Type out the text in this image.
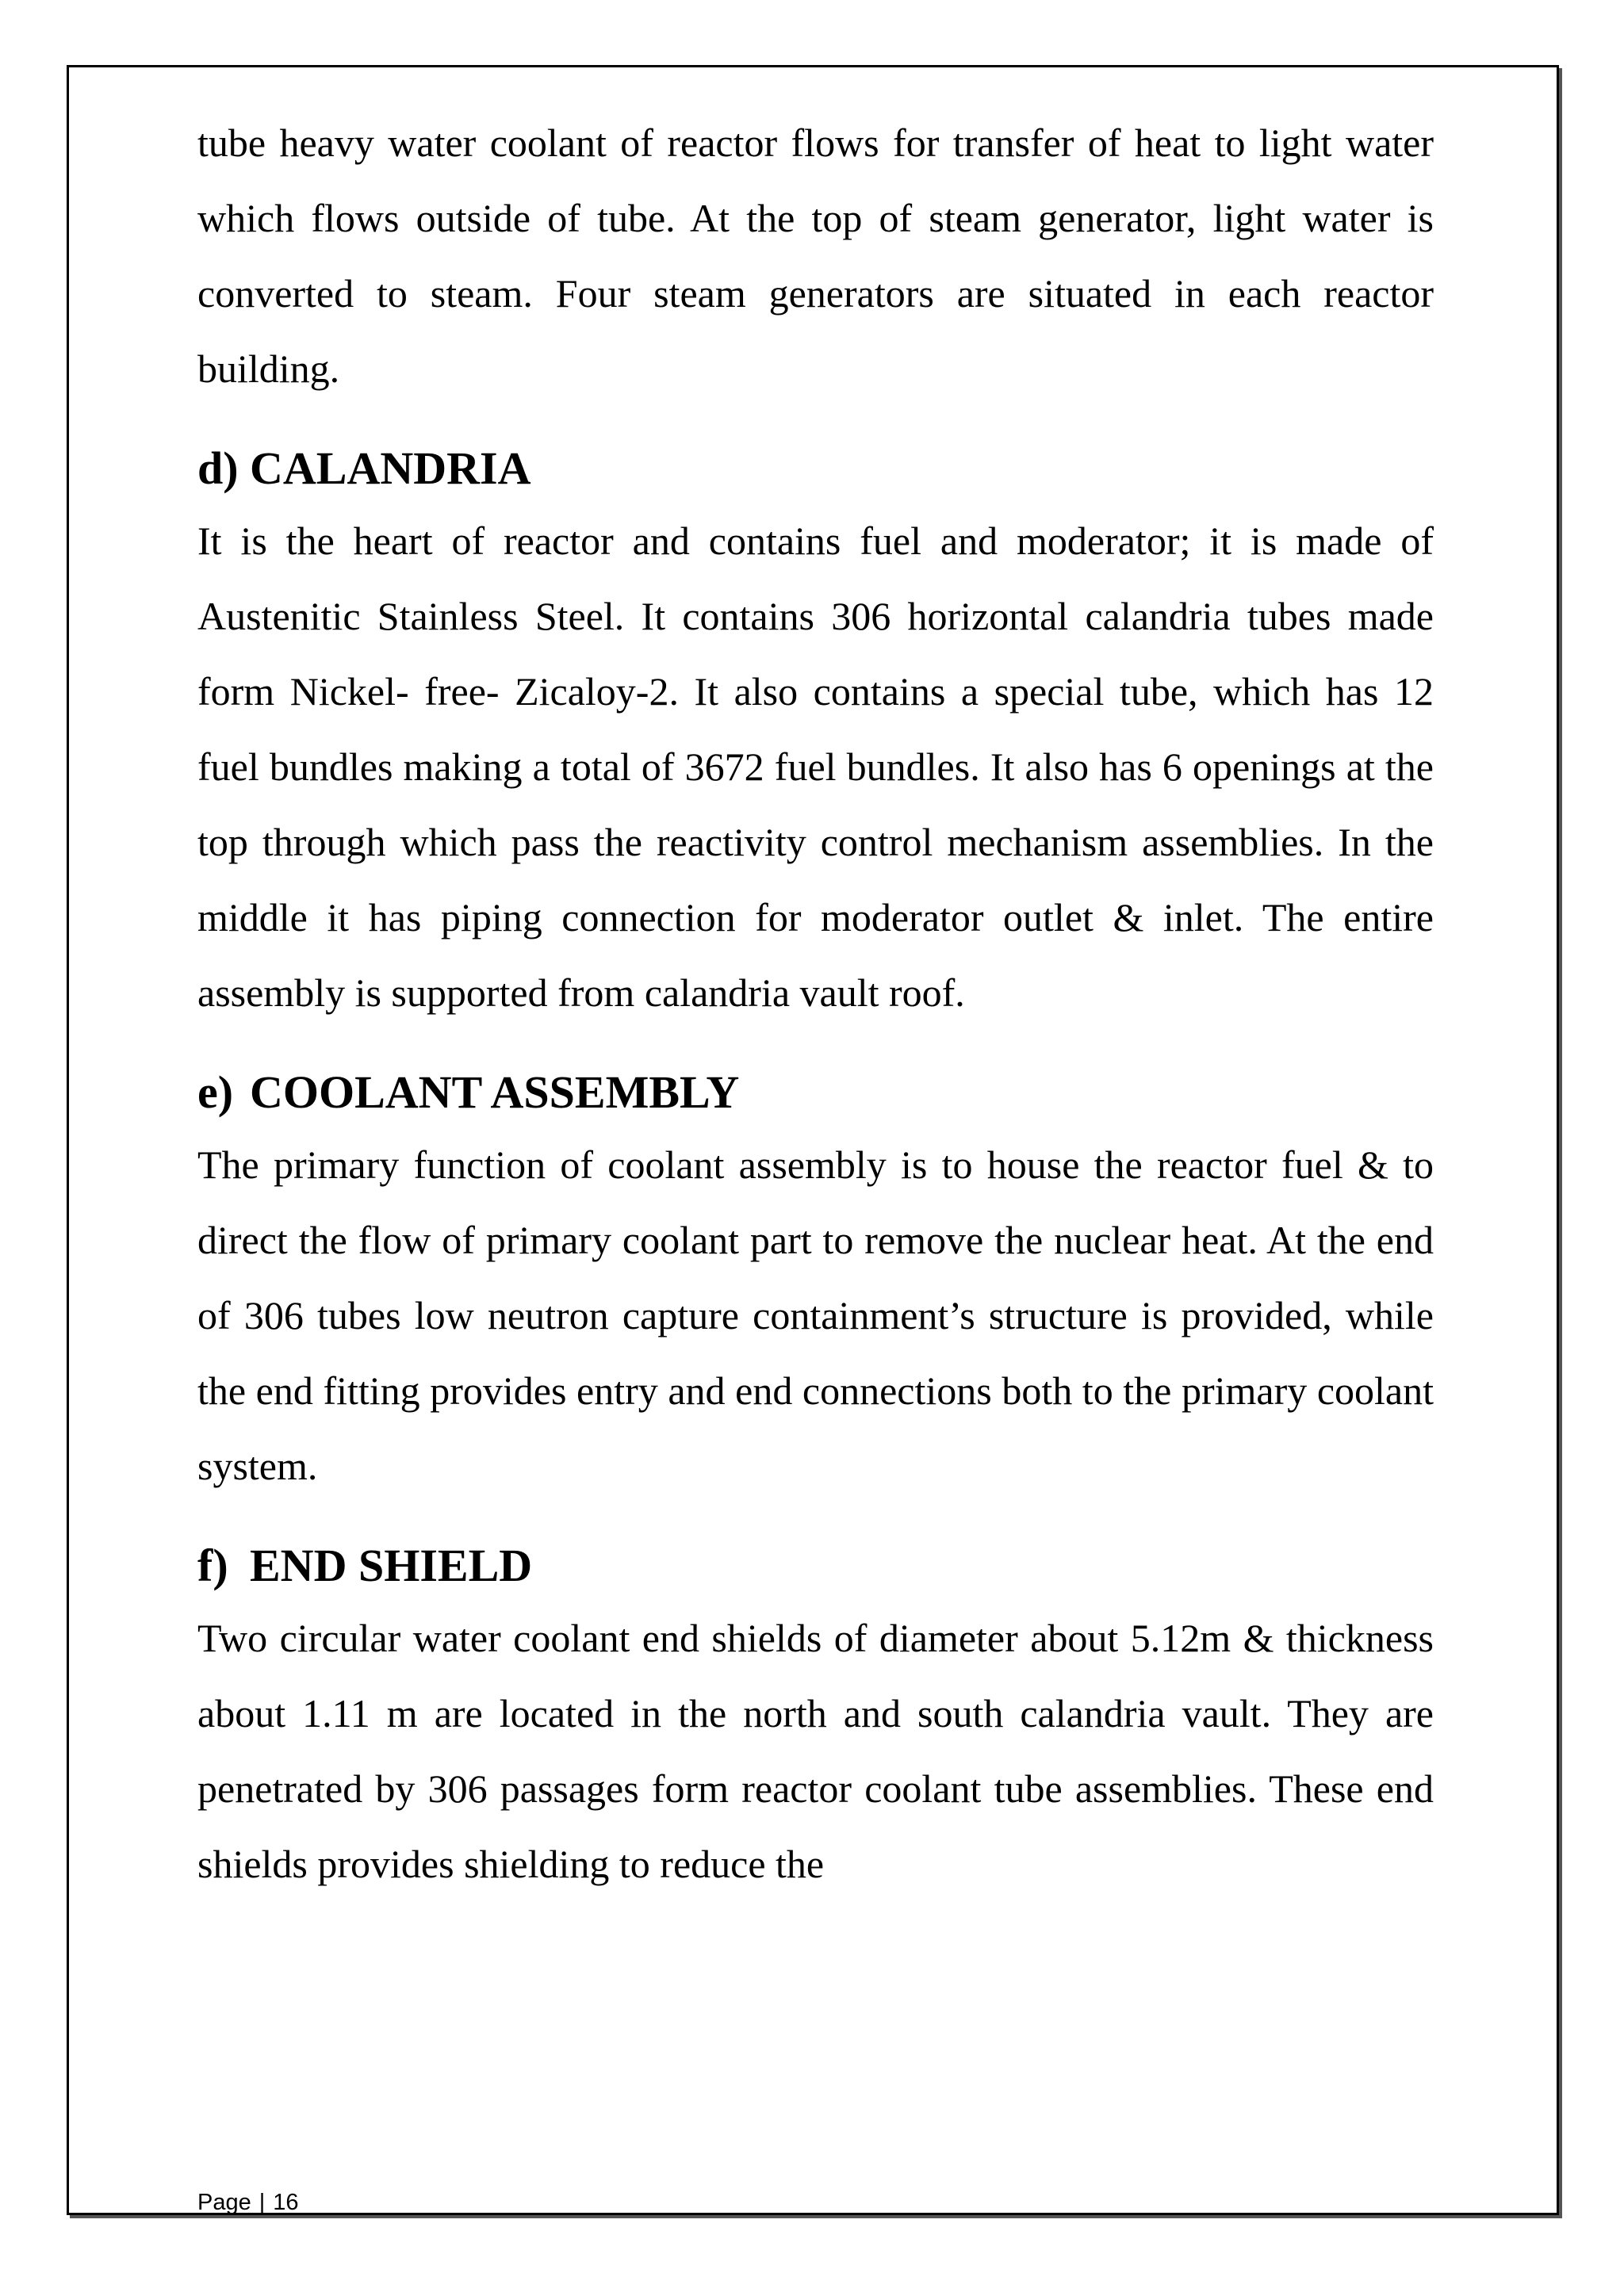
tube heavy water coolant of reactor flows for transfer of heat to light water which flows outside of tube. At the top of steam generator, light water is converted to steam. Four steam generators are situated in each reactor building.

d) CALANDRIA

It is the heart of reactor and contains fuel and moderator; it is made of Austenitic Stainless Steel. It contains 306 horizontal calandria tubes made form Nickel- free- Zicaloy-2. It also contains a special tube, which has 12 fuel bundles making a total of 3672 fuel bundles. It also has 6 openings at the top through which pass the reactivity control mechanism assemblies. In the middle it has piping connection for moderator outlet & inlet. The entire assembly is supported from calandria vault roof.

e) COOLANT ASSEMBLY

The primary function of coolant assembly is to house the reactor fuel & to direct the flow of primary coolant part to remove the nuclear heat. At the end of 306 tubes low neutron capture containment’s structure is provided, while the end fitting provides entry and end connections both to the primary coolant system.

f) END SHIELD

Two circular water coolant end shields of diameter about 5.12m & thickness about 1.11 m are located in the north and south calandria vault. They are penetrated by 306 passages form reactor coolant tube assemblies. These end shields provides shielding to reduce the

Page | 16
